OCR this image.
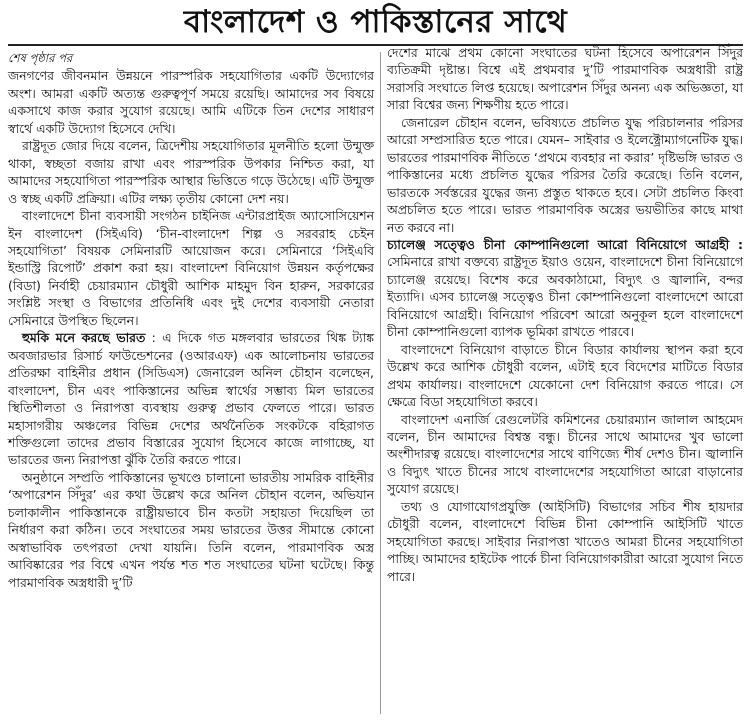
বাংলাদেশ ও পাকিস্তানের সাথে

শেষ পৃষ্ঠার পর

জনগণের জীবনমান উন্নয়নে পারস্পরিক সহযোগিতার একটি উদ্যোগের অংশ। আমরা একটি অত্যন্ত গুরুত্বপূর্ণ সময়ে রয়েছি। আমাদের সব বিষয়ে একসাথে কাজ করার সুযোগ রয়েছে। আমি এটিকে তিন দেশের সাধারণ স্বার্থে একটি উদ্যোগ হিসেবে দেখি।

রাষ্ট্রদূত জোর দিয়ে বলেন, ত্রিদেশীয় সহযোগিতার মূলনীতি হলো উন্মুক্ত থাকা, স্বচ্ছতা বজায় রাখা এবং পারস্পরিক উপকার নিশ্চিত করা, যা আমাদের সহযোগিতা পারস্পরিক আস্থার ভিত্তিতে গড়ে উঠেছে। এটি উন্মুক্ত ও স্বচ্ছ একটি প্রক্রিয়া। এটির লক্ষ্য তৃতীয় কোনো দেশ নয়।

বাংলাদেশে চীনা ব্যবসায়ী সংগঠন চাইনিজ এন্টারপ্রাইজ অ্যাসোসিয়েশন ইন বাংলাদেশ (সিইএবি) ‘চীন-বাংলাদেশ শিল্প ও সরবরাহ চেইন সহযোগিতা’ বিষয়ক সেমিনারটি আয়োজন করে। সেমিনারে ‘সিইএবি ইন্ডাস্ট্রি রিপোর্ট’ প্রকাশ করা হয়। বাংলাদেশ বিনিয়োগ উন্নয়ন কর্তৃপক্ষের (বিডা) নির্বাহী চেয়ারম্যান চৌধুরী আশিক মাহমুদ বিন হারুন, সরকারের সংশ্লিষ্ট সংস্থা ও বিভাগের প্রতিনিধি এবং দুই দেশের ব্যবসায়ী নেতারা সেমিনারে উপস্থিত ছিলেন।

হুমকি মনে করছে ভারত : এ দিকে গত মঙ্গলবার ভারতের থিঙ্ক ট্যাঙ্ক অবজারভার রিসার্চ ফাউন্ডেশনের (ওআরএফ) এক আলোচনায় ভারতের প্রতিরক্ষা বাহিনীর প্রধান (সিডিএস) জেনারেল অনিল চৌহান বলেছেন, বাংলাদেশ, চীন এবং পাকিস্তানের অভিন্ন স্বার্থের সম্ভাব্য মিল ভারতের স্থিতিশীলতা ও নিরাপত্তা ব্যবস্থায় গুরুত্ব প্রভাব ফেলতে পারে। ভারত মহাসাগরীয় অঞ্চলের বিভিন্ন দেশের অর্থনৈতিক সংকটকে বহিরাগত শক্তিগুলো তাদের প্রভাব বিস্তারের সুযোগ হিসেবে কাজে লাগাচ্ছে, যা ভারতের জন্য নিরাপত্তা ঝুঁকি তৈরি করতে পারে।

অনুষ্ঠানে সম্প্রতি পাকিস্তানের ভূখণ্ডে চালানো ভারতীয় সামরিক বাহিনীর ‘অপারেশন সিঁদুর’ এর কথা উল্লেখ করে অনিল চৌহান বলেন, অভিযান চলাকালীন পাকিস্তানকে রাষ্ট্রীয়ভাবে চীন কতটা সহায়তা দিয়েছিল তা নির্ধারণ করা কঠিন। তবে সংঘাতের সময় ভারতের উত্তর সীমান্তে কোনো অস্বাভাবিক তৎপরতা দেখা যায়নি। তিনি বলেন, পারমাণবিক অস্ত্র আবিষ্কারের পর বিশ্বে এখন পর্যন্ত শত শত সংঘাতের ঘটনা ঘটেছে। কিন্তু পারমাণবিক অস্ত্রধারী দু’টি

দেশের মাঝে প্রথম কোনো সংঘাতের ঘটনা হিসেবে অপারেশন সিঁদুর ব্যতিক্রমী দৃষ্টান্ত। বিশ্বে এই প্রথমবার দু’টি পারমাণবিক অস্ত্রধারী রাষ্ট্র সরাসরি সংঘাতে লিপ্ত হয়েছে। অপারেশন সিঁদুর অনন্য এক অভিজ্ঞতা, যা সারা বিশ্বের জন্য শিক্ষণীয় হতে পারে।

জেনারেল চৌহান বলেন, ভবিষ্যতে প্রচলিত যুদ্ধ পরিচালনার পরিসর আরো সম্প্রসারিত হতে পারে। যেমন– সাইবার ও ইলেক্ট্রোম্যাগনেটিক যুদ্ধ। ভারতের পারমাণবিক নীতিতে ‘প্রথমে ব্যবহার না করার’ দৃষ্টিভঙ্গি ভারত ও পাকিস্তানের মধ্যে প্রচলিত যুদ্ধের পরিসর তৈরি করেছে। তিনি বলেন, ভারতকে সর্বস্তরের যুদ্ধের জন্য প্রস্তুত থাকতে হবে। সেটা প্রচলিত কিংবা অপ্রচলিত হতে পারে। ভারত পারমাণবিক অস্ত্রের ভয়ভীতির কাছে মাথা নত করবে না।

চ্যালেঞ্জ সত্ত্বেও চীনা কোম্পানিগুলো আরো বিনিয়োগে আগ্রহী : সেমিনারে রাখা বক্তব্যে রাষ্ট্রদূত ইয়াও ওয়েন, বাংলাদেশে চীনা বিনিয়োগে চ্যালেঞ্জ রয়েছে। বিশেষ করে অবকাঠামো, বিদ্যুৎ ও জ্বালানি, বন্দর ইত্যাদি। এসব চ্যালেঞ্জ সত্ত্বেও চীনা কোম্পানিগুলো বাংলাদেশে আরো বিনিয়োগে আগ্রহী। বিনিয়োগ পরিবেশ আরো অনুকূল হলে বাংলাদেশে চীনা কোম্পানিগুলো ব্যাপক ভূমিকা রাখতে পারবে।

বাংলাদেশে বিনিয়োগ বাড়াতে চীনে বিডার কার্যালয় স্থাপন করা হবে উল্লেখ করে আশিক চৌধুরী বলেন, এটাই হবে বিদেশের মাটিতে বিডার প্রথম কার্যালয়। বাংলাদেশে যেকোনো দেশ বিনিয়োগ করতে পারে। সে ক্ষেত্রে বিডা সহযোগিতা করবে।

বাংলাদেশ এনার্জি রেগুলেটরি কমিশনের চেয়ারম্যান জালাল আহমেদ বলেন, চীন আমাদের বিশ্বস্ত বন্ধু। চীনের সাথে আমাদের খুব ভালো অংশীদারত্ব রয়েছে। বাংলাদেশের সাথে বাণিজ্যে শীর্ষ দেশও চীন। জ্বালানি ও বিদ্যুৎ খাতে চীনের সাথে বাংলাদেশের সহযোগিতা আরো বাড়ানোর সুযোগ রয়েছে।

তথ্য ও যোগাযোগপ্রযুক্তি (আইসিটি) বিভাগের সচিব শীষ হায়দার চৌধুরী বলেন, বাংলাদেশে বিভিন্ন চীনা কোম্পানি আইসিটি খাতে সহযোগিতা করছে। সাইবার নিরাপত্তা খাতেও আমরা চীনের সহযোগিতা পাচ্ছি। আমাদের হাইটেক পার্কে চীনা বিনিয়োগকারীরা আরো সুযোগ নিতে পারে।
